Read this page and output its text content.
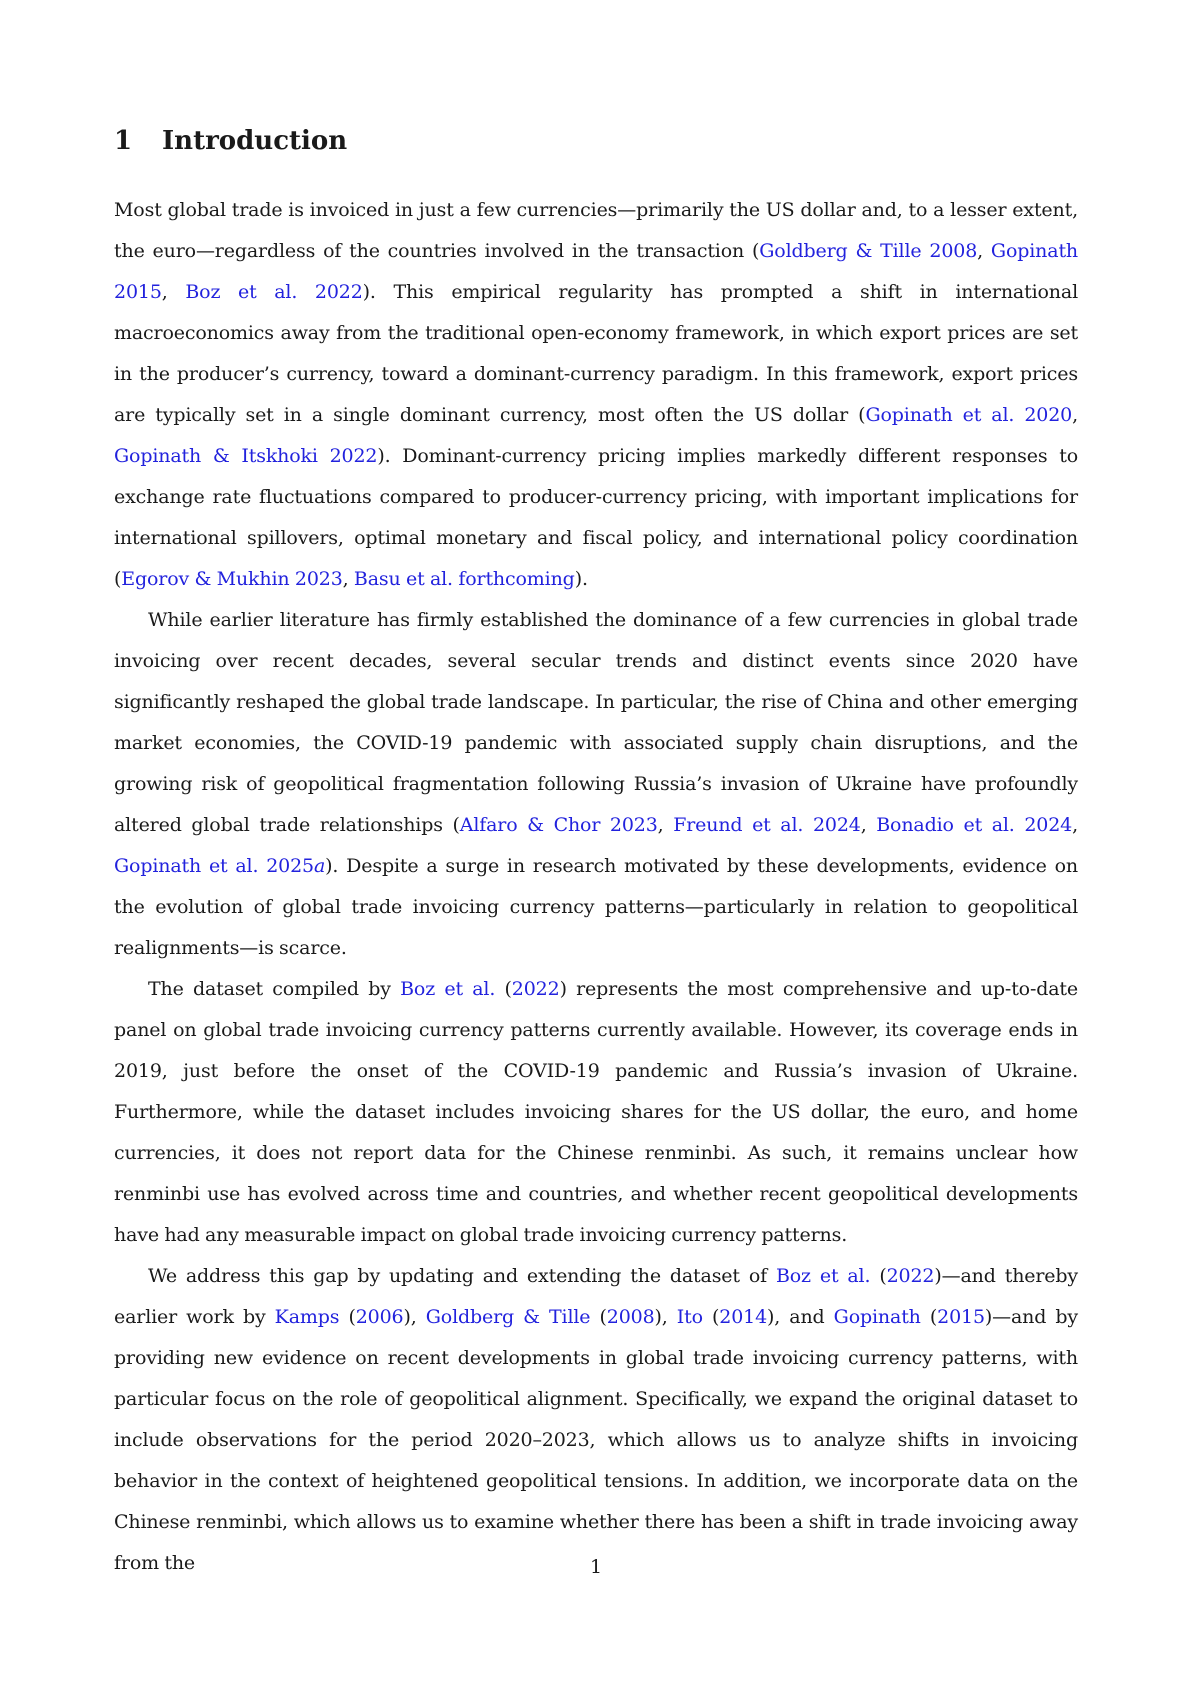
1 Introduction

Most global trade is invoiced in just a few currencies—primarily the US dollar and, to a lesser extent, the euro—regardless of the countries involved in the transaction (Goldberg & Tille 2008, Gopinath 2015, Boz et al. 2022). This empirical regularity has prompted a shift in international macroeconomics away from the traditional open-economy framework, in which export prices are set in the producer’s currency, toward a dominant-currency paradigm. In this framework, export prices are typically set in a single dominant currency, most often the US dollar (Gopinath et al. 2020, Gopinath & Itskhoki 2022). Dominant-currency pricing implies markedly different responses to exchange rate fluctuations compared to producer-currency pricing, with important implications for international spillovers, optimal monetary and fiscal policy, and international policy coordination (Egorov & Mukhin 2023, Basu et al. forthcoming).

While earlier literature has firmly established the dominance of a few currencies in global trade invoicing over recent decades, several secular trends and distinct events since 2020 have significantly reshaped the global trade landscape. In particular, the rise of China and other emerging market economies, the COVID-19 pandemic with associated supply chain disruptions, and the growing risk of geopolitical fragmentation following Russia’s invasion of Ukraine have profoundly altered global trade relationships (Alfaro & Chor 2023, Freund et al. 2024, Bonadio et al. 2024, Gopinath et al. 2025a). Despite a surge in research motivated by these developments, evidence on the evolution of global trade invoicing currency patterns—particularly in relation to geopolitical realignments—is scarce.

The dataset compiled by Boz et al. (2022) represents the most comprehensive and up-to-date panel on global trade invoicing currency patterns currently available. However, its coverage ends in 2019, just before the onset of the COVID-19 pandemic and Russia’s invasion of Ukraine. Furthermore, while the dataset includes invoicing shares for the US dollar, the euro, and home currencies, it does not report data for the Chinese renminbi. As such, it remains unclear how renminbi use has evolved across time and countries, and whether recent geopolitical developments have had any measurable impact on global trade invoicing currency patterns.

We address this gap by updating and extending the dataset of Boz et al. (2022)—and thereby earlier work by Kamps (2006), Goldberg & Tille (2008), Ito (2014), and Gopinath (2015)—and by providing new evidence on recent developments in global trade invoicing currency patterns, with particular focus on the role of geopolitical alignment. Specifically, we expand the original dataset to include observations for the period 2020–2023, which allows us to analyze shifts in invoicing behavior in the context of heightened geopolitical tensions. In addition, we incorporate data on the Chinese renminbi, which allows us to examine whether there has been a shift in trade invoicing away from the	1
